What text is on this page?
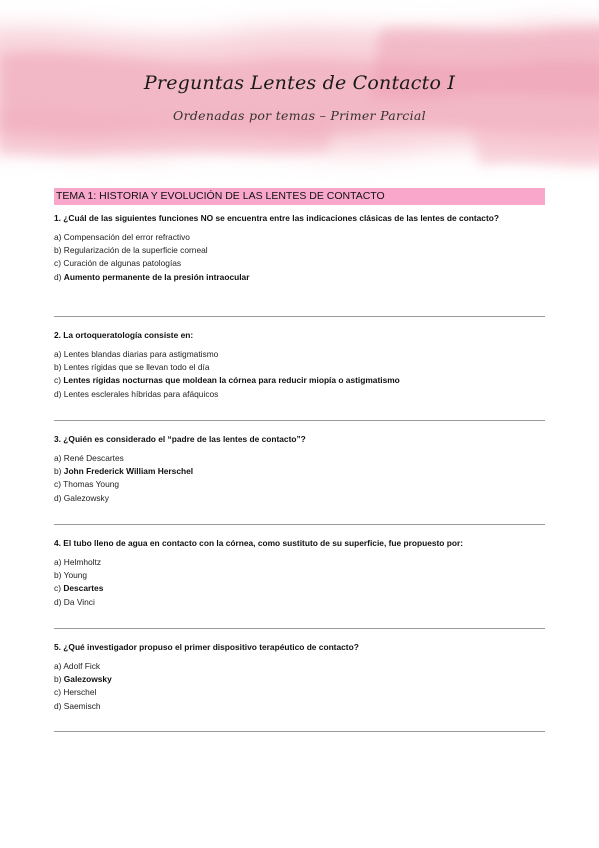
Preguntas Lentes de Contacto I
Ordenadas por temas – Primer Parcial
TEMA 1: HISTORIA Y EVOLUCIÓN DE LAS LENTES DE CONTACTO

1. ¿Cuál de las siguientes funciones NO se encuentra entre las indicaciones clásicas de las lentes de contacto?

a) Compensación del error refractivo
b) Regularización de la superficie corneal
c) Curación de algunas patologías
d) Aumento permanente de la presión intraocular

2. La ortoqueratología consiste en:

a) Lentes blandas diarias para astigmatismo
b) Lentes rígidas que se llevan todo el día
c) Lentes rígidas nocturnas que moldean la córnea para reducir miopía o astigmatismo
d) Lentes esclerales híbridas para afáquicos

3. ¿Quién es considerado el “padre de las lentes de contacto”?

a) René Descartes
b) John Frederick William Herschel
c) Thomas Young
d) Galezowsky

4. El tubo lleno de agua en contacto con la córnea, como sustituto de su superficie, fue propuesto por:

a) Helmholtz
b) Young
c) Descartes
d) Da Vinci

5. ¿Qué investigador propuso el primer dispositivo terapéutico de contacto?

a) Adolf Fick
b) Galezowsky
c) Herschel
d) Saemisch
